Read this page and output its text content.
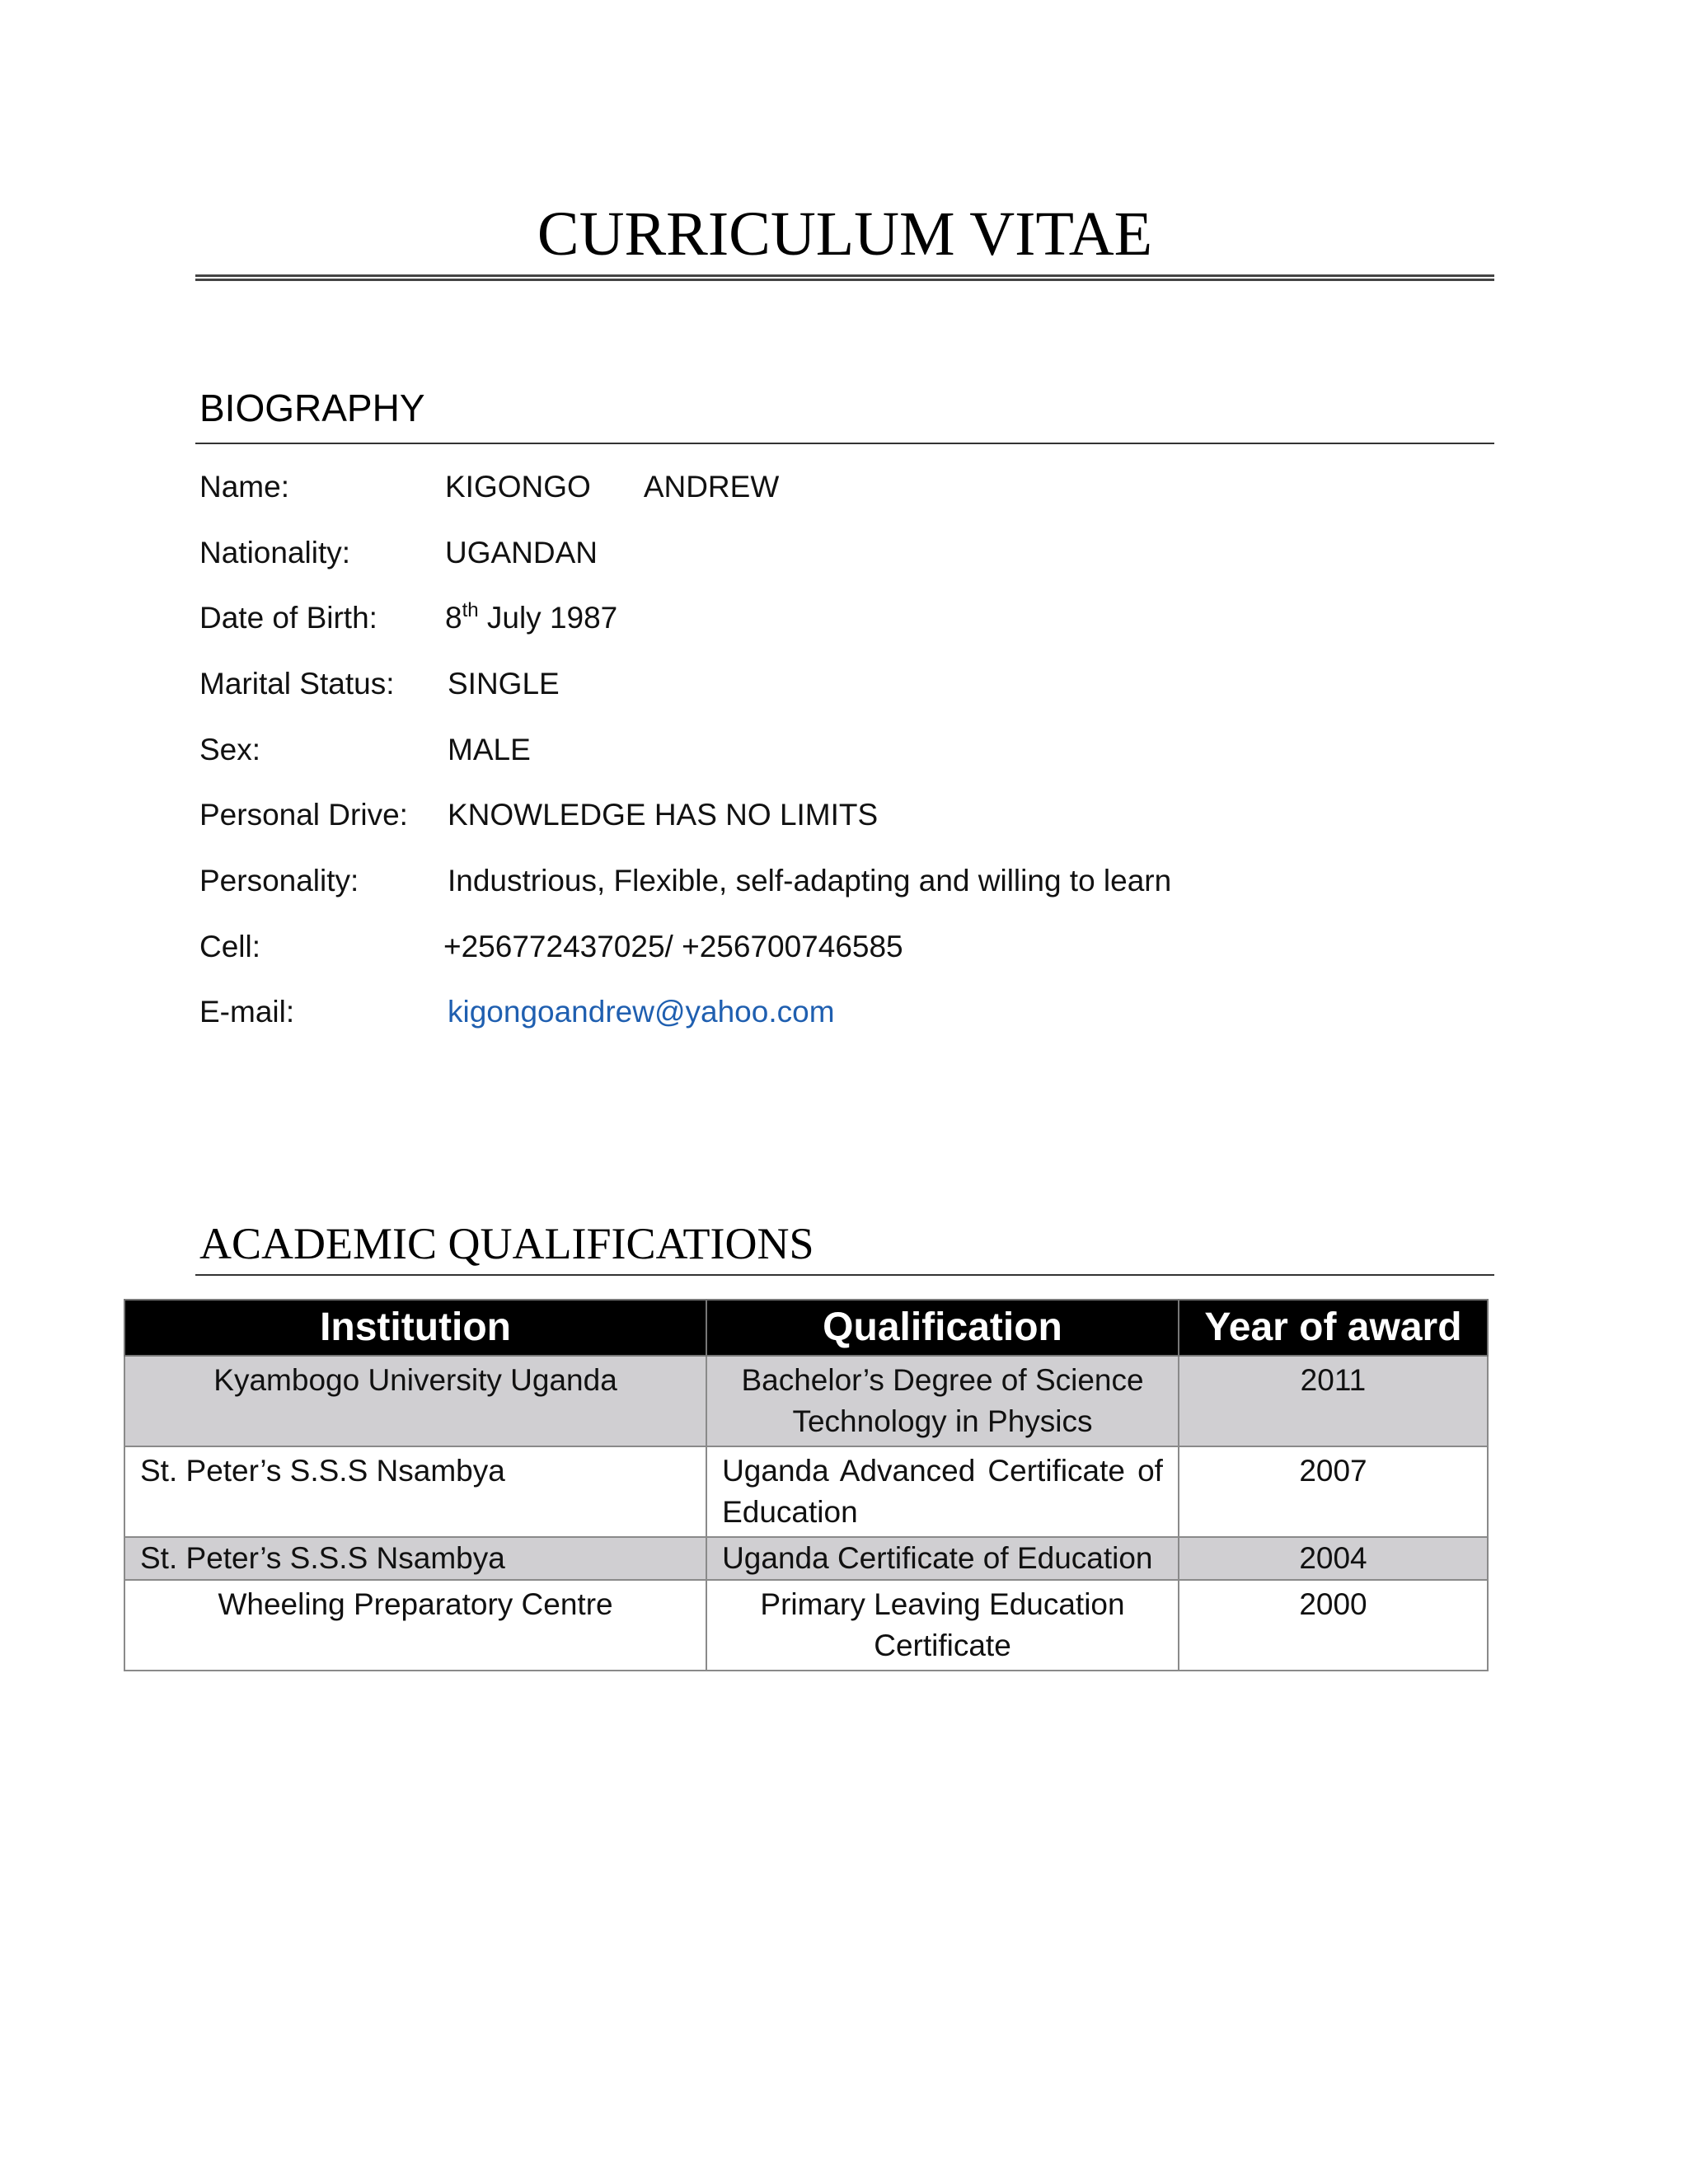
CURRICULUM VITAE
BIOGRAPHY
Name:	KIGONGO ANDREW
Nationality:	UGANDAN
Date of Birth: 8th July 1987
Marital Status: SINGLE
Sex:	MALE
Personal Drive: KNOWLEDGE HAS NO LIMITS
Personality:	Industrious, Flexible, self-adapting and willing to learn
Cell:	+256772437025/ +256700746585
E-mail:	kigongoandrew@yahoo.com
ACADEMIC QUALIFICATIONS
Institution	Qualification	Year of award
Kyambogo University Uganda	Bachelor’s Degree of Science Technology in Physics	2011
St. Peter’s S.S.S Nsambya	Uganda Advanced Certificate of Education	2007
St. Peter’s S.S.S Nsambya	Uganda Certificate of Education	2004
Wheeling Preparatory Centre	Primary Leaving Education Certificate	2000
